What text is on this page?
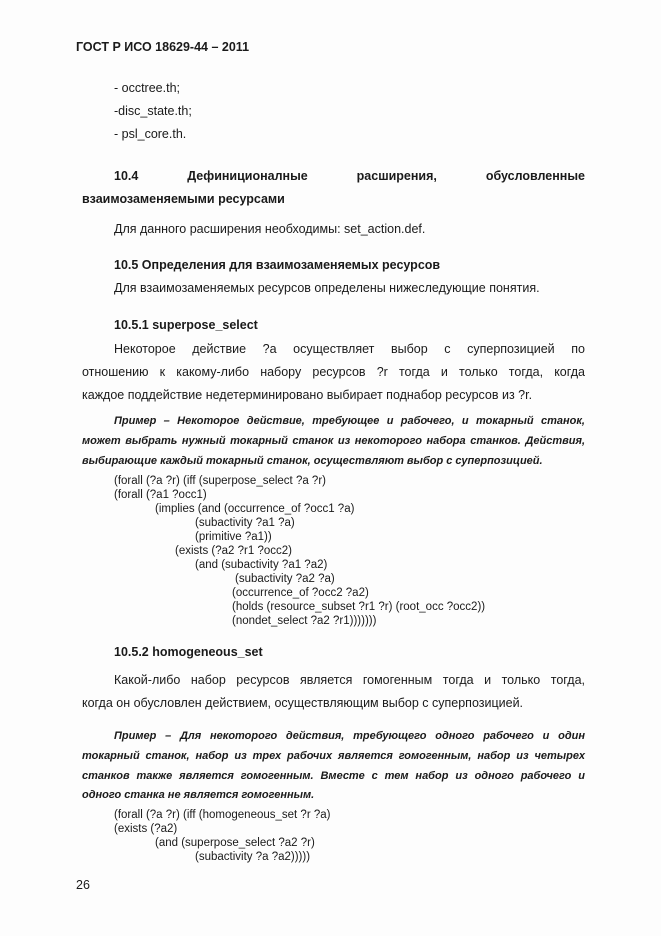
ГОСТ Р ИСО 18629-44 – 2011
- occtree.th;
-disc_state.th;
- psl_core.th.
10.4 Дефиниционалные	расширения,	обусловленные
взаимозаменяемыми ресурсами
Для данного расширения необходимы: set_action.def.
10.5 Определения для взаимозаменяемых ресурсов
Для взаимозаменяемых ресурсов определены нижеследующие понятия.
10.5.1 superpose_select
Некоторое действие ?a осуществляет выбор с суперпозицией по
отношению к какому-либо набору ресурсов ?r тогда и только тогда, когда
каждое поддействие недетерминировано выбирает поднабор ресурсов из ?r.
Пример – Некоторое действие, требующее и рабочего, и токарный станок,
может выбрать нужный токарный станок из некоторого набора станков. Действия,
выбирающие каждый токарный станок, осуществляют выбор с суперпозицией.
(forall (?a ?r) (iff (superpose_select ?a ?r)
(forall (?a1 ?occ1)
(implies (and (occurrence_of ?occ1 ?a)
(subactivity ?a1 ?a)
(primitive ?a1))
(exists (?a2 ?r1 ?occ2)
(and (subactivity ?a1 ?a2)
(subactivity ?a2 ?a)
(occurrence_of ?occ2 ?a2)
(holds (resource_subset ?r1 ?r) (root_occ ?occ2))
(nondet_select ?a2 ?r1)))))))
10.5.2 homogeneous_set
Какой-либо набор ресурсов является гомогенным тогда и только тогда,
когда он обусловлен действием, осуществляющим выбор с суперпозицией.
Пример – Для некоторого действия, требующего одного рабочего и один
токарный станок, набор из трех рабочих является гомогенным, набор из четырех
станков также является гомогенным. Вместе с тем набор из одного рабочего и
одного станка не является гомогенным.
(forall (?a ?r) (iff (homogeneous_set ?r ?a)
(exists (?a2)
(and (superpose_select ?a2 ?r)
(subactivity ?a ?a2)))))
26
